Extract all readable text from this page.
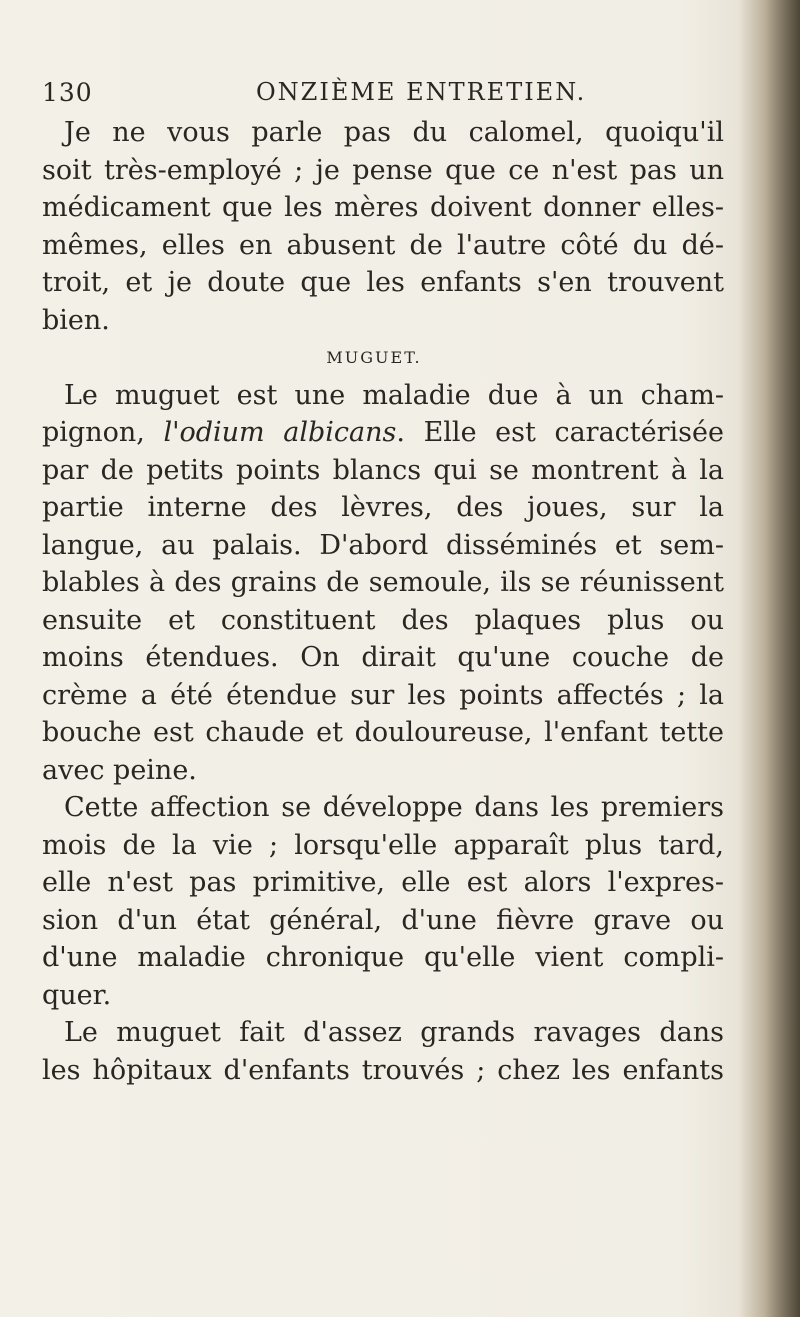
130	ONZIÈME ENTRETIEN.
Je ne vous parle pas du calomel, quoiqu'il
soit très-employé ; je pense que ce n'est pas un
médicament que les mères doivent donner elles-
mêmes, elles en abusent de l'autre côté du dé-
troit, et je doute que les enfants s'en trouvent
bien.
MUGUET.
Le muguet est une maladie due à un cham-
pignon, l'odium albicans. Elle est caractérisée
par de petits points blancs qui se montrent à la
partie interne des lèvres, des joues, sur la
langue, au palais. D'abord disséminés et sem-
blables à des grains de semoule, ils se réunissent
ensuite et constituent des plaques plus ou
moins étendues. On dirait qu'une couche de
crème a été étendue sur les points affectés ; la
bouche est chaude et douloureuse, l'enfant tette
avec peine.
Cette affection se développe dans les premiers
mois de la vie ; lorsqu'elle apparaît plus tard,
elle n'est pas primitive, elle est alors l'expres-
sion d'un état général, d'une fièvre grave ou
d'une maladie chronique qu'elle vient compli-
quer.
Le muguet fait d'assez grands ravages dans
les hôpitaux d'enfants trouvés ; chez les enfants
